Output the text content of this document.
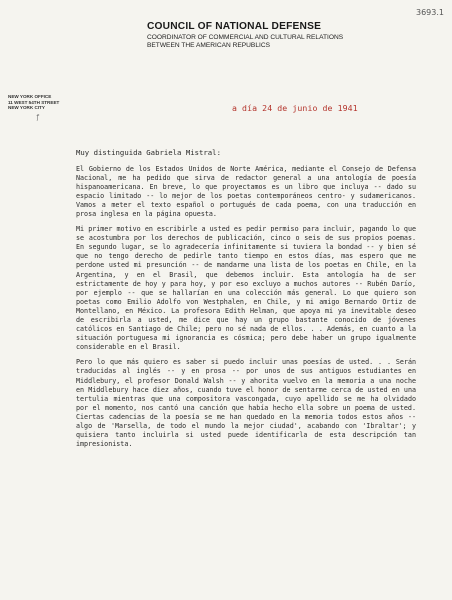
3693.1
COUNCIL OF NATIONAL DEFENSE
COORDINATOR OF COMMERCIAL AND CULTURAL RELATIONS
BETWEEN THE AMERICAN REPUBLICS
NEW YORK OFFICE
11 WEST 54TH STREET
NEW YORK CITY
ƒ
a día 24 de junio de 1941
Muy distinguida Gabriela Mistral:

El Gobierno de los Estados Unidos de Norte América, mediante el Consejo de Defensa Nacional, me ha pedido que sirva de redactor general a una antología de poesía hispanoamericana. En breve, lo que proyectamos es un libro que incluya -- dado su espacio limitado -- lo mejor de los poetas contemporáneos centro- y sudamericanos. Vamos a meter el texto español o portugués de cada poema, con una traducción en prosa inglesa en la página opuesta.

Mi primer motivo en escribirle a usted es pedir permiso para incluir, pagando lo que se acostumbra por los derechos de publicación, cinco o seis de sus propios poemas. En segundo lugar, se lo agradecería infinitamente si tuviera la bondad -- y bien sé que no tengo derecho de pedirle tanto tiempo en estos días, mas espero que me perdone usted mi presunción -- de mandarme una lista de los poetas en Chile, en la Argentina, y en el Brasil, que debemos incluir. Esta antología ha de ser estrictamente de hoy y para hoy, y por eso excluyo a muchos autores -- Rubén Darío, por ejemplo -- que se hallarían en una colección más general. Lo que quiero son poetas como Emilio Adolfo von Westphalen, en Chile, y mi amigo Bernardo Ortiz de Montellano, en México. La profesora Edith Helman, que apoya mi ya inevitable deseo de escribirla a usted, me dice que hay un grupo bastante conocido de jóvenes católicos en Santiago de Chile; pero no sé nada de ellos. . . Además, en cuanto a la situación portuguesa mi ignorancia es cósmica; pero debe haber un grupo igualmente considerable en el Brasil.

Pero lo que más quiero es saber si puedo incluir unas poesías de usted. . . Serán traducidas al inglés -- y en prosa -- por unos de sus antiguos estudiantes en Middlebury, el profesor Donald Walsh -- y ahorita vuelvo en la memoria a una noche en Middlebury hace diez años, cuando tuve el honor de sentarme cerca de usted en una tertulia mientras que una compositora vascongada, cuyo apellido se me ha olvidado por el momento, nos cantó una canción que había hecho ella sobre un poema de usted. Ciertas cadencias de la poesía se me han quedado en la memoria todos estos años -- algo de 'Marsella, de todo el mundo la mejor ciudad', acabando con 'Ibraltar'; y quisiera tanto incluirla si usted puede identificarla de esta descripción tan impresionista.
